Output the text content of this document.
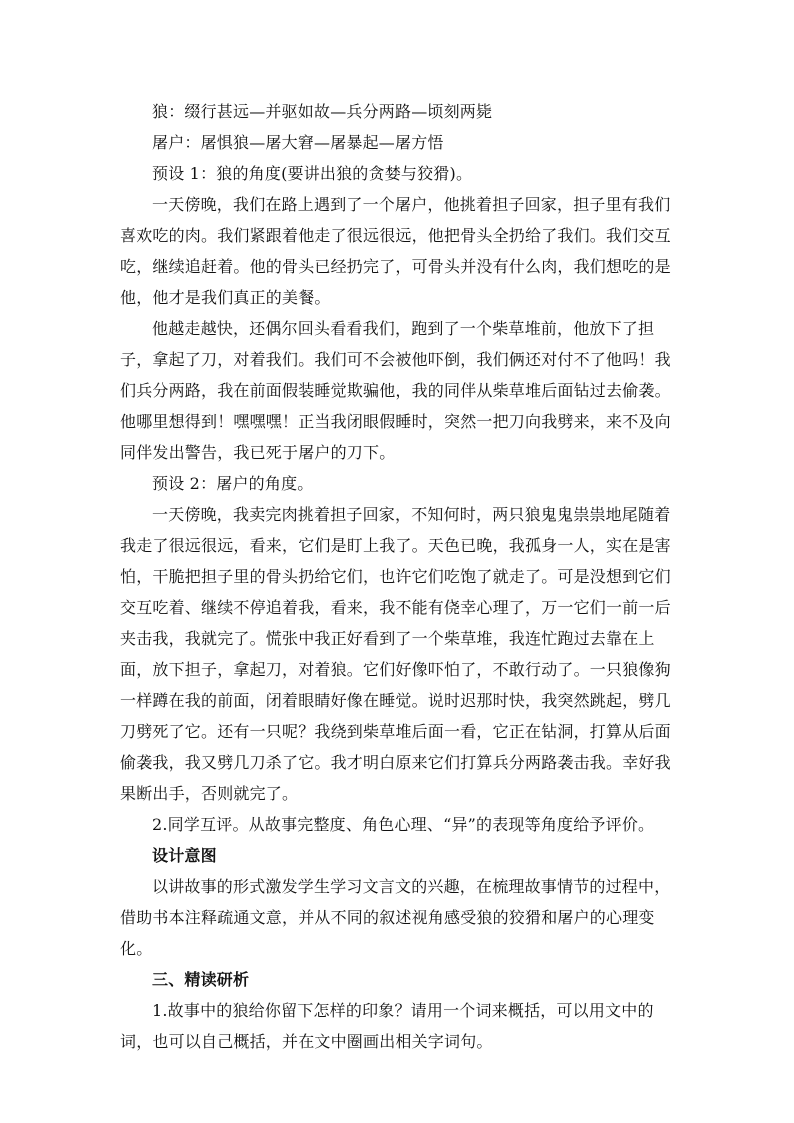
狼：缀行甚远—并驱如故—兵分两路—顷刻两毙

屠户：屠惧狼—屠大窘—屠暴起—屠方悟

预设 1：狼的角度(要讲出狼的贪婪与狡猾)。

一天傍晚，我们在路上遇到了一个屠户，他挑着担子回家，担子里有我们喜欢吃的肉。我们紧跟着他走了很远很远，他把骨头全扔给了我们。我们交互吃，继续追赶着。他的骨头已经扔完了，可骨头并没有什么肉，我们想吃的是他，他才是我们真正的美餐。

他越走越快，还偶尔回头看看我们，跑到了一个柴草堆前，他放下了担子，拿起了刀，对着我们。我们可不会被他吓倒，我们俩还对付不了他吗！我们兵分两路，我在前面假装睡觉欺骗他，我的同伴从柴草堆后面钻过去偷袭。他哪里想得到！嘿嘿嘿！正当我闭眼假睡时，突然一把刀向我劈来，来不及向同伴发出警告，我已死于屠户的刀下。

预设 2：屠户的角度。

一天傍晚，我卖完肉挑着担子回家，不知何时，两只狼鬼鬼祟祟地尾随着我走了很远很远，看来，它们是盯上我了。天色已晚，我孤身一人，实在是害怕，干脆把担子里的骨头扔给它们，也许它们吃饱了就走了。可是没想到它们交互吃着、继续不停追着我，看来，我不能有侥幸心理了，万一它们一前一后夹击我，我就完了。慌张中我正好看到了一个柴草堆，我连忙跑过去靠在上面，放下担子，拿起刀，对着狼。它们好像吓怕了，不敢行动了。一只狼像狗一样蹲在我的前面，闭着眼睛好像在睡觉。说时迟那时快，我突然跳起，劈几刀劈死了它。还有一只呢？我绕到柴草堆后面一看，它正在钻洞，打算从后面偷袭我，我又劈几刀杀了它。我才明白原来它们打算兵分两路袭击我。幸好我果断出手，否则就完了。

2.同学互评。从故事完整度、角色心理、“异”的表现等角度给予评价。

设计意图

以讲故事的形式激发学生学习文言文的兴趣，在梳理故事情节的过程中，借助书本注释疏通文意，并从不同的叙述视角感受狼的狡猾和屠户的心理变化。

三、精读研析

1.故事中的狼给你留下怎样的印象？请用一个词来概括，可以用文中的词，也可以自己概括，并在文中圈画出相关字词句。
